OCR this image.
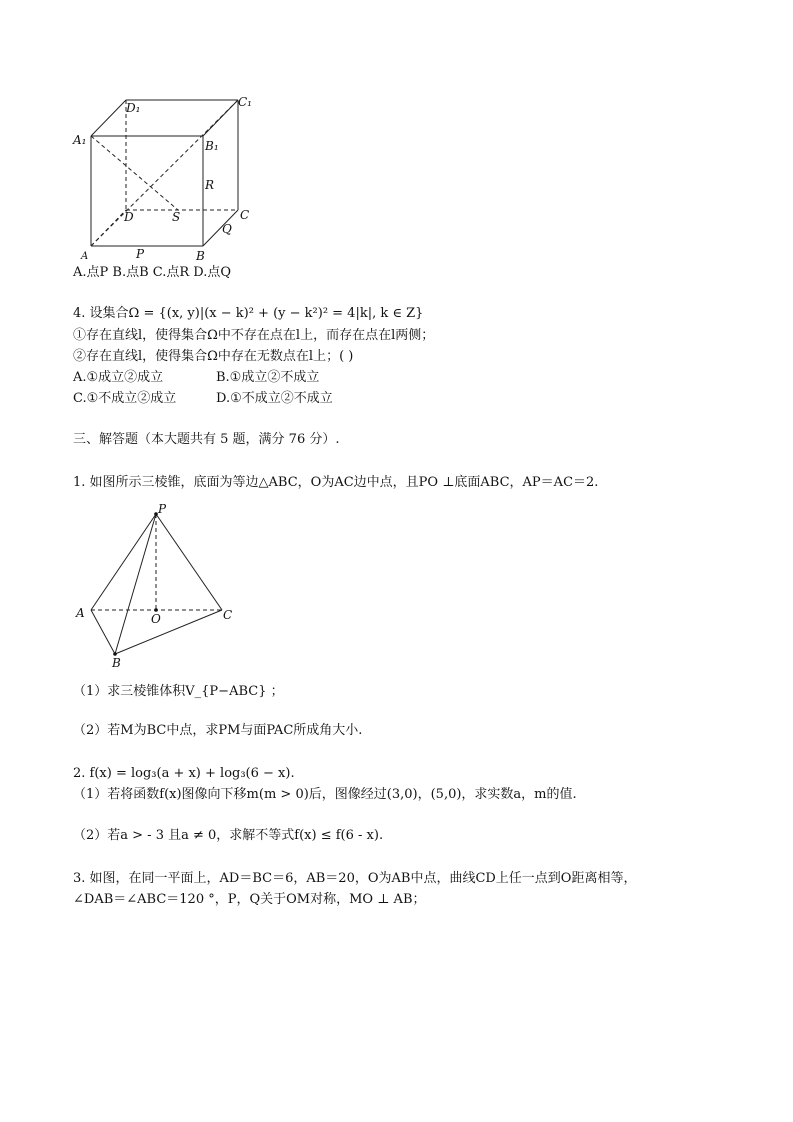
D₁	C₁
A₁	B₁
R
D	S	C
Q
A	P	B
A.点P B.点B C.点R D.点Q
4. 设集合Ω = {(x, y)|(x − k)² + (y − k²)² = 4|k|, k ∈ Z}
①存在直线l，使得集合Ω中不存在点在l上，而存在点在l两侧；
②存在直线l，使得集合Ω中存在无数点在l上；( )
A.①成立②成立	B.①成立②不成立
C.①不成立②成立	D.①不成立②不成立
三、解答题（本大题共有 5 题，满分 76 分）.
1. 如图所示三棱锥，底面为等边△ABC，O为AC边中点，且PO ⊥底面ABC，AP＝AC＝2.
P
A	O	C
B
（1）求三棱锥体积V_{P−ABC} ；
（2）若M为BC中点，求PM与面PAC所成角大小.
2. f(x) = log₃(a + x) + log₃(6 − x).
（1）若将函数f(x)图像向下移m(m > 0)后，图像经过(3,0)，(5,0)，求实数a，m的值.
（2）若a > ‑ 3 且a ≠ 0，求解不等式f(x) ≤ f(6 ‑ x).
3. 如图，在同一平面上，AD＝BC＝6，AB＝20，O为AB中点，曲线CD上任一点到O距离相等，
∠DAB＝∠ABC＝120 °，P，Q关于OM对称，MO ⊥ AB；
